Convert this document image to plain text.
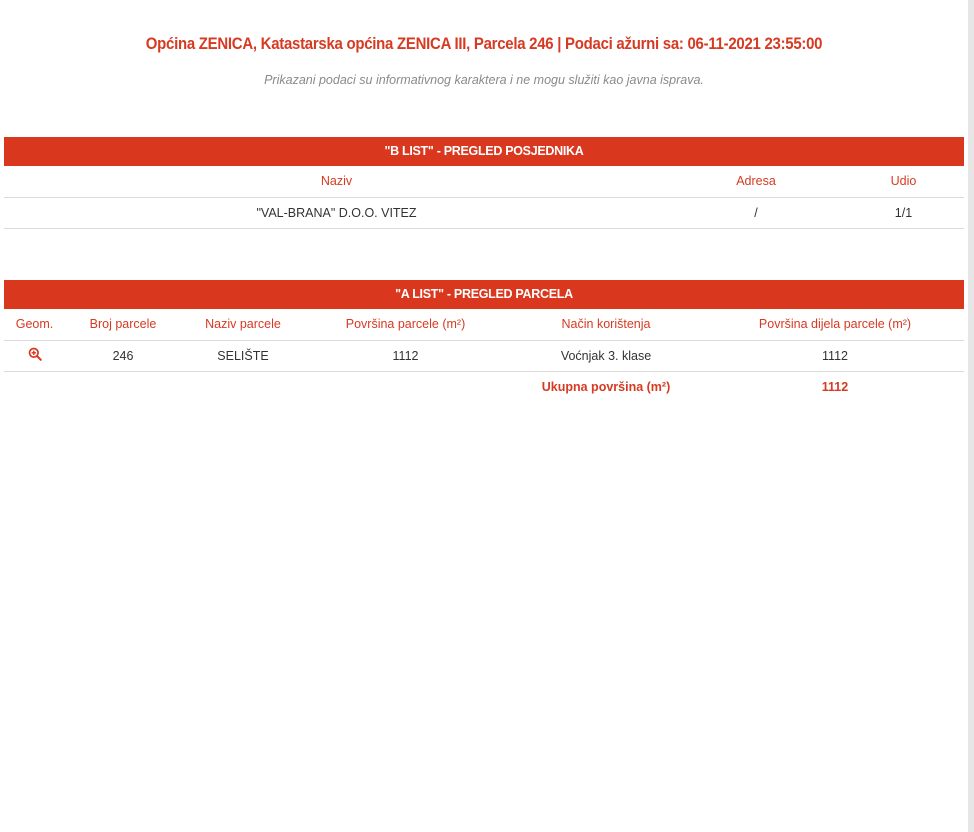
Općina ZENICA, Katastarska općina ZENICA III, Parcela 246 | Podaci ažurni sa: 06-11-2021 23:55:00
Prikazani podaci su informativnog karaktera i ne mogu služiti kao javna isprava.
"B LIST" - PREGLED POSJEDNIKA
Naziv	Adresa	Udio
"VAL-BRANA" D.O.O. VITEZ	/	1/1
"A LIST" - PREGLED PARCELA
Geom.	Broj parcele	Naziv parcele	Površina parcele (m²)	Način korištenja	Površina dijela parcele (m²)
	246	SELIŠTE	1112	Voćnjak 3. klase	1112
				Ukupna površina (m²)	1112
